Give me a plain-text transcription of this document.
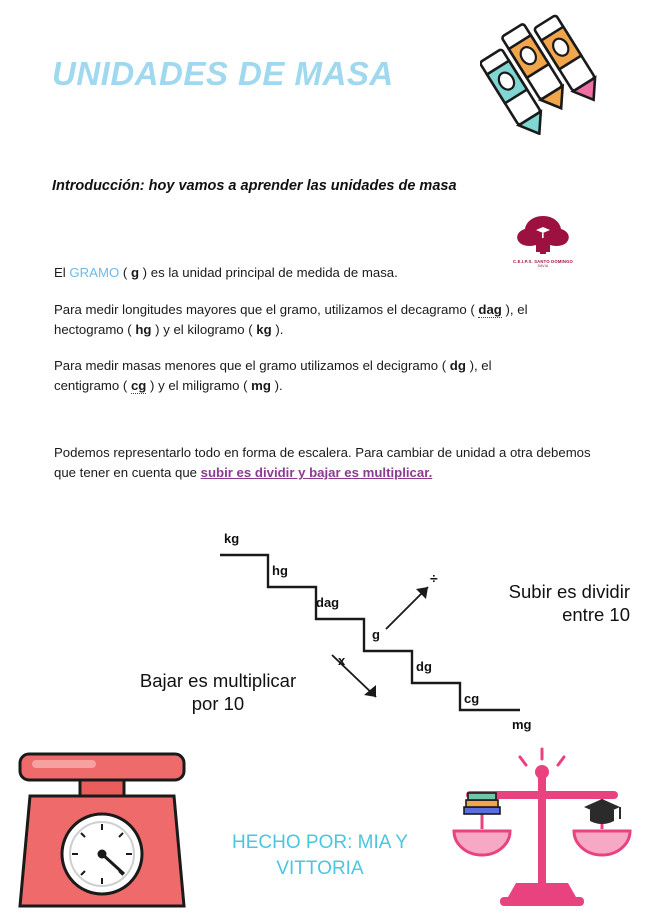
UNIDADES DE MASA
Introducción: hoy vamos a aprender las unidades de masa
C.E.I.P.S. SANTO DOMINGO
SAVIA
El GRAMO ( g ) es la unidad principal de medida de masa.
Para medir longitudes mayores que el gramo, utilizamos el decagramo ( dag ), el hectogramo ( hg ) y el kilogramo ( kg ).
Para medir masas menores que el gramo utilizamos el decigramo ( dg ), el centigramo ( cg ) y el miligramo ( mg ).
Podemos representarlo todo en forma de escalera. Para cambiar de unidad a otra debemos que tener en cuenta que subir es dividir y bajar es multiplicar.
kg
hg
dag
g
dg
cg
mg
÷
x
Subir es dividir
entre 10
Bajar es multiplicar
por 10
HECHO POR: MIA Y VITTORIA
